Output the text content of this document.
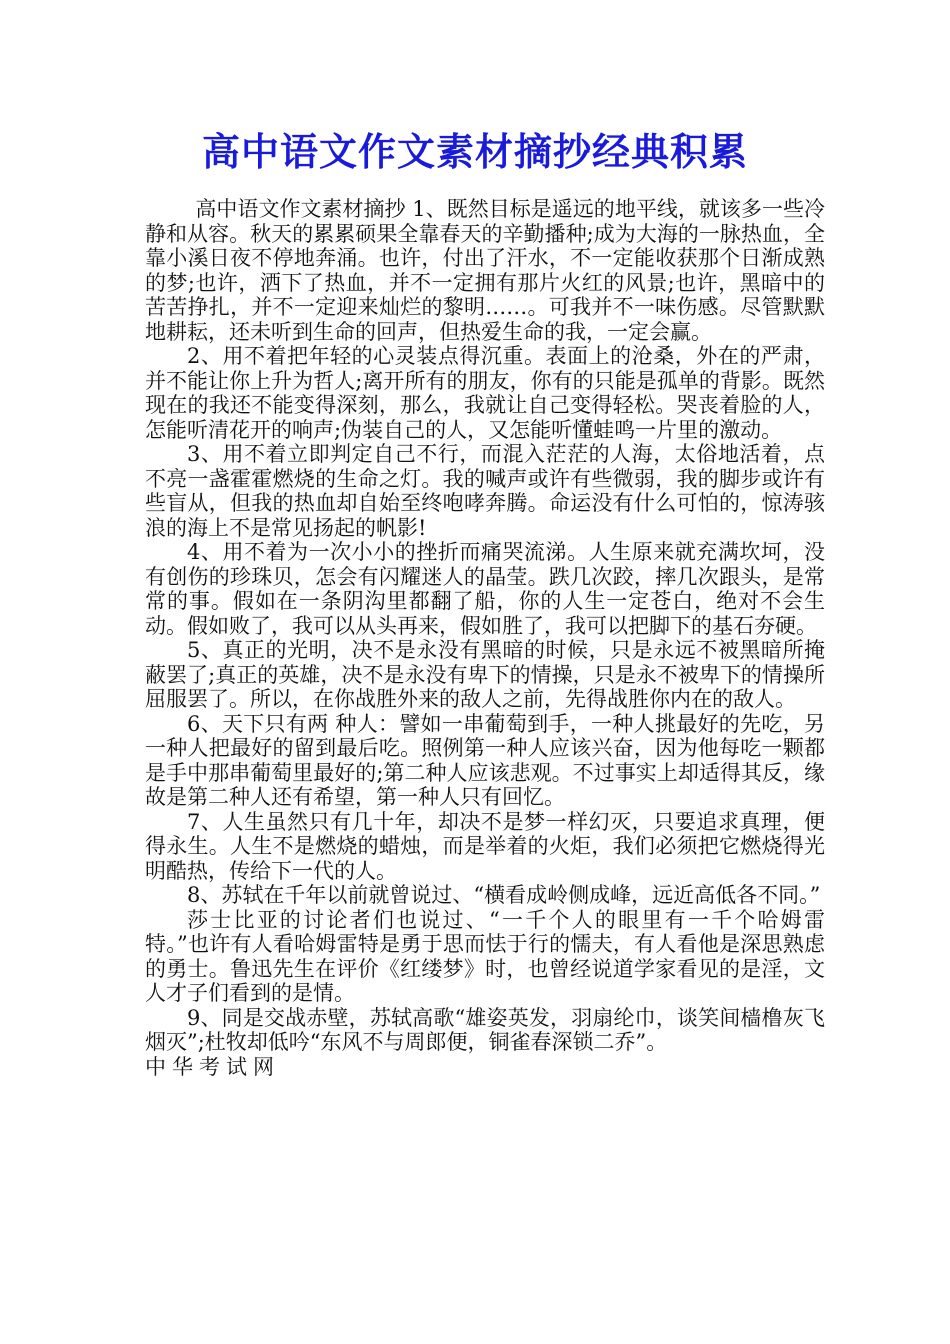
高中语文作文素材摘抄经典积累

高中语文作文素材摘抄 1、既然目标是遥远的地平线，就该多一些冷静和从容。秋天的累累硕果全靠春天的辛勤播种;成为大海的一脉热血，全靠小溪日夜不停地奔涌。也许，付出了汗水，不一定能收获那个日渐成熟的梦;也许，洒下了热血，并不一定拥有那片火红的风景;也许，黑暗中的苦苦挣扎，并不一定迎来灿烂的黎明……。可我并不一味伤感。尽管默默地耕耘，还未听到生命的回声，但热爱生命的我，一定会赢。

2、用不着把年轻的心灵装点得沉重。表面上的沧桑，外在的严肃，并不能让你上升为哲人;离开所有的朋友，你有的只能是孤单的背影。既然现在的我还不能变得深刻，那么，我就让自己变得轻松。哭丧着脸的人，怎能听清花开的响声;伪装自己的人，又怎能听懂蛙鸣一片里的激动。

3、用不着立即判定自己不行，而混入茫茫的人海，太俗地活着，点不亮一盏霍霍燃烧的生命之灯。我的喊声或许有些微弱，我的脚步或许有些盲从，但我的热血却自始至终咆哮奔腾。命运没有什么可怕的，惊涛骇浪的海上不是常见扬起的帆影!

4、用不着为一次小小的挫折而痛哭流涕。人生原来就充满坎坷，没有创伤的珍珠贝，怎会有闪耀迷人的晶莹。跌几次跤，摔几次跟头，是常常的事。假如在一条阴沟里都翻了船，你的人生一定苍白，绝对不会生 动。假如败了，我可以从头再来，假如胜了，我可以把脚下的基石夯硬。

5、真正的光明，决不是永没有黑暗的时候，只是永远不被黑暗所掩蔽罢了;真正的英雄，决不是永没有卑下的情操，只是永不被卑下的情操所屈服罢了。所以，在你战胜外来的敌人之前，先得战胜你内在的敌人。

6、天下只有两 种人：譬如一串葡萄到手，一种人挑最好的先吃，另一种人把最好的留到最后吃。照例第一种人应该兴奋，因为他每吃一颗都是手中那串葡萄里最好的;第二种人应该悲观。不过事实上却适得其反，缘故是第二种人还有希望，第一种人只有回忆。

7、人生虽然只有几十年，却决不是梦一样幻灭，只要追求真理，便得永生。人生不是燃烧的蜡烛，而是举着的火炬，我们必须把它燃烧得光明酷热，传给下一代的人。

8、苏轼在千年以前就曾说过、“横看成岭侧成峰，远近高低各不同。”

莎士比亚的讨论者们也说过、“一千个人的眼里有一千个哈姆雷特。”也许有人看哈姆雷特是勇于思而怯于行的懦夫，有人看他是深思熟虑的勇士。鲁迅先生在评价《红缕梦》时，也曾经说道学家看见的是淫，文人才子们看到的是情。

9、同是交战赤壁，苏轼高歌“雄姿英发，羽扇纶巾，谈笑间樯橹灰飞烟灭”;杜牧却低吟“东风不与周郎便，铜雀春深锁二乔”。

中华考试网
